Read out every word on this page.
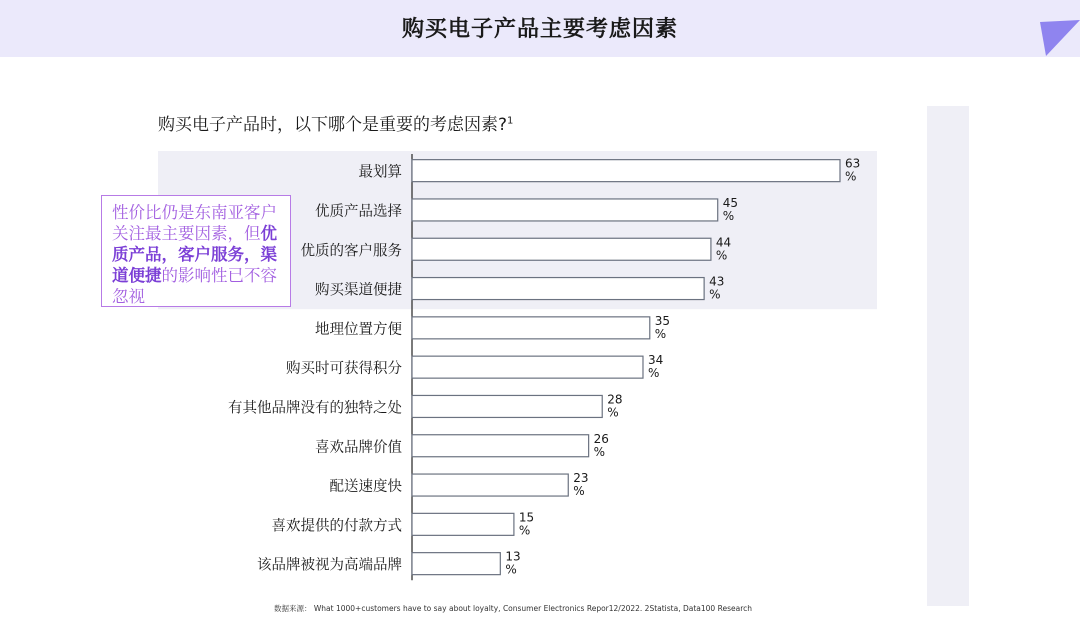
购买电子产品主要考虑因素
购买电子产品时，以下哪个是重要的考虑因素?$^1$
最划算
63
%
优质产品选择
45
%
优质的客户服务
44
%
购买渠道便捷
43
%
地理位置方便
35
%
购买时可获得积分
34
%
有其他品牌没有的独特之处
28
%
喜欢品牌价值
26
%
配送速度快
23
%
喜欢提供的付款方式
15
%
该品牌被视为高端品牌
13
%
性价比仍是东南亚客户关注最主要因素，但优质产品，客户服务，渠道便捷的影响性已不容忽视
数据来源： What 1000+customers have to say about loyalty, Consumer Electronics Repor12/2022. 2Statista, Data100 Research
